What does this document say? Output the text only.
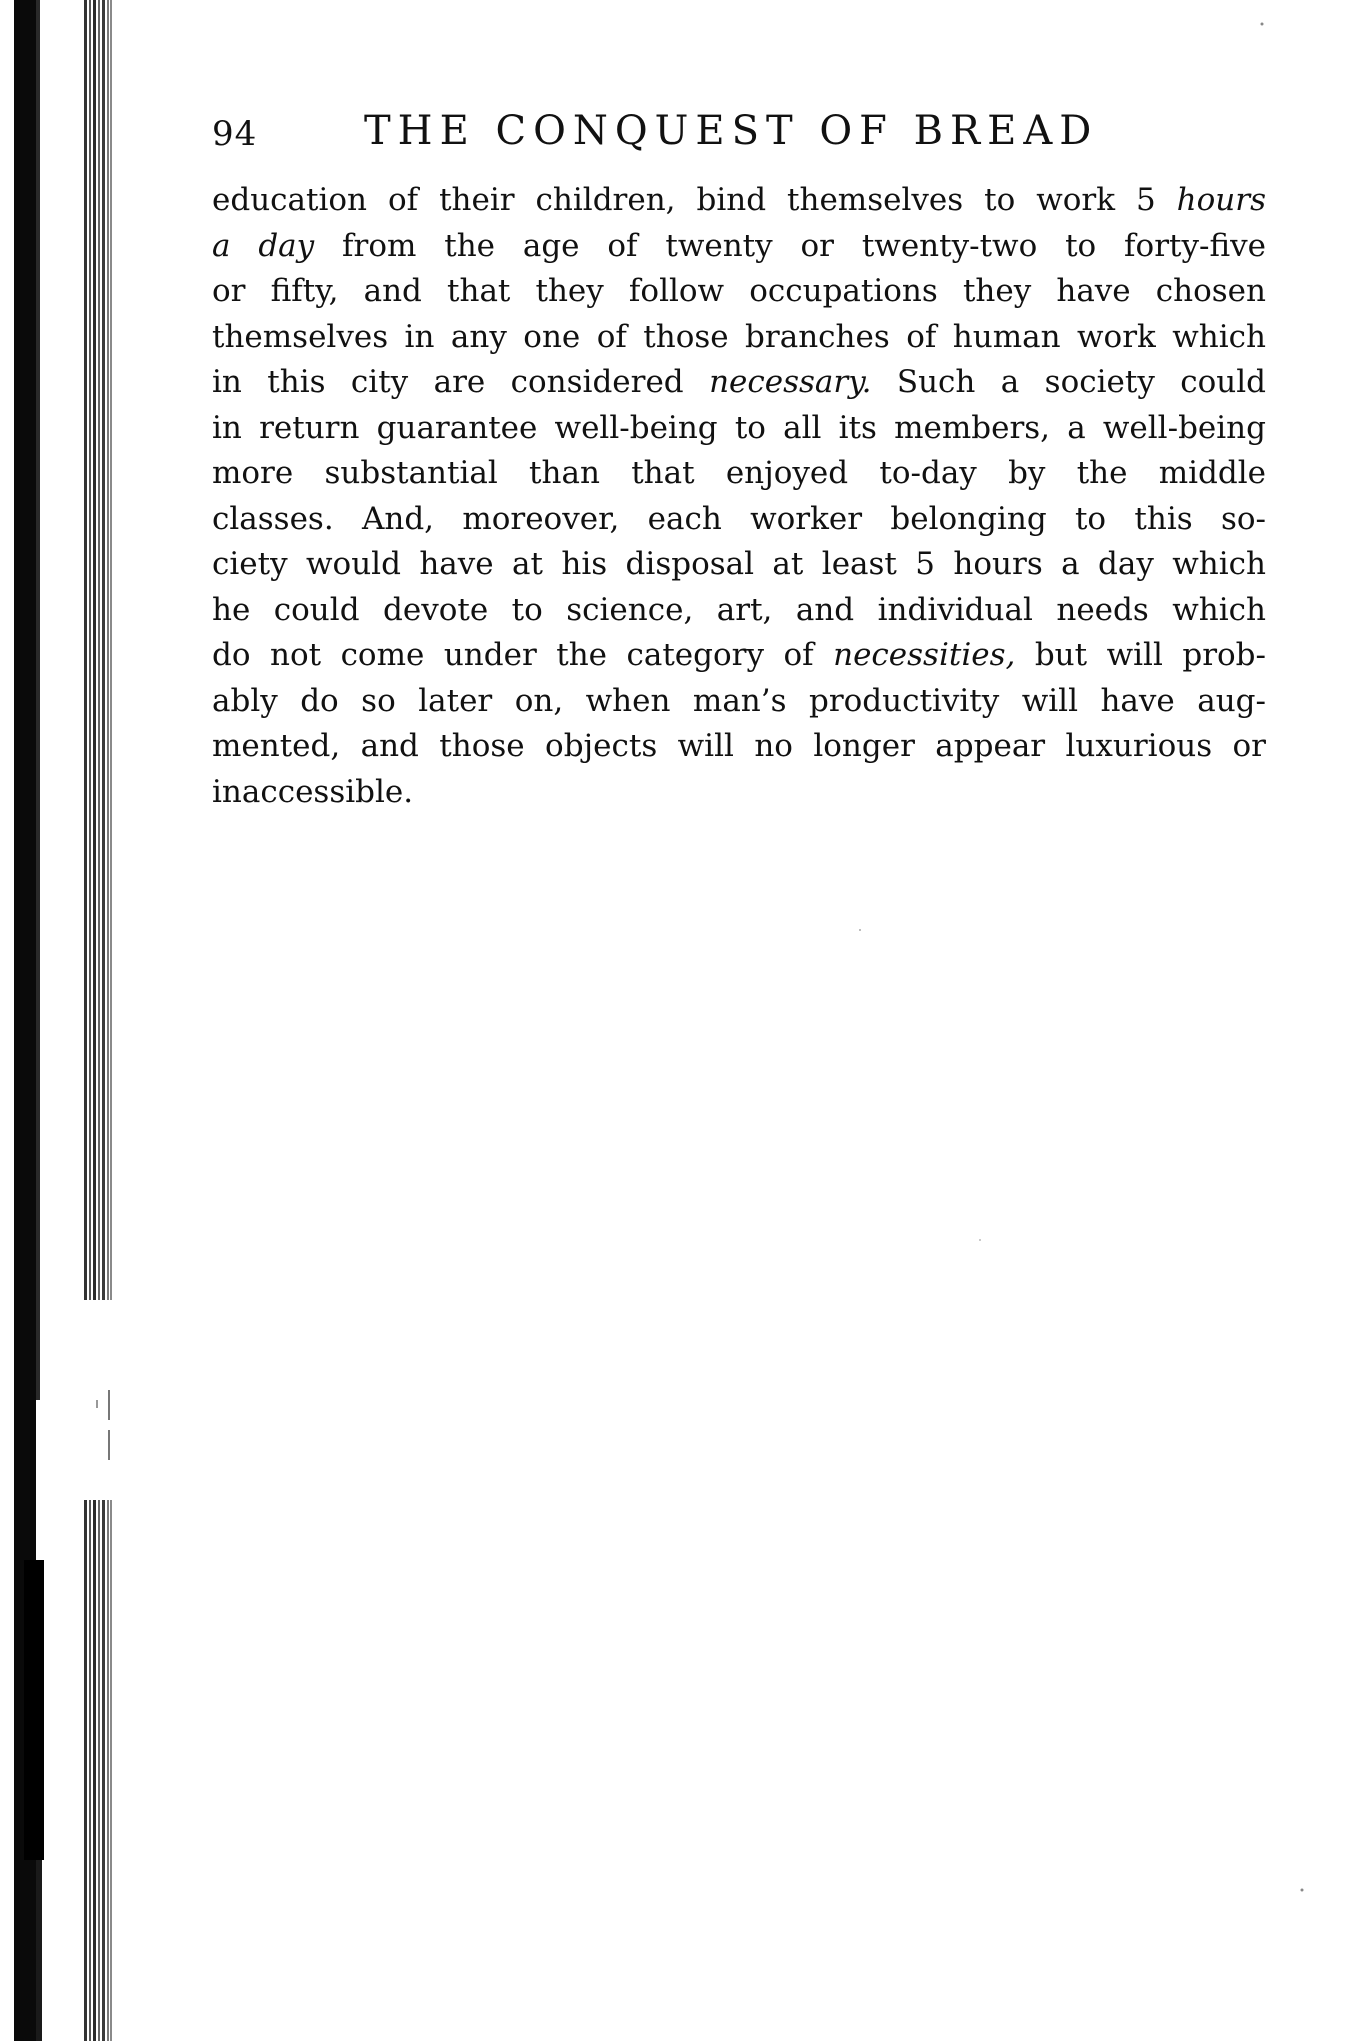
94	THE CONQUEST OF BREAD
education of their children, bind themselves to work 5 hours
a day from the age of twenty or twenty-two to forty-five
or fifty, and that they follow occupations they have chosen
themselves in any one of those branches of human work which
in this city are considered necessary. Such a society could
in return guarantee well-being to all its members, a well-being
more substantial than that enjoyed to-day by the middle
classes. And, moreover, each worker belonging to this so-
ciety would have at his disposal at least 5 hours a day which
he could devote to science, art, and individual needs which
do not come under the category of necessities, but will prob-
ably do so later on, when man’s productivity will have aug-
mented, and those objects will no longer appear luxurious or
inaccessible.
